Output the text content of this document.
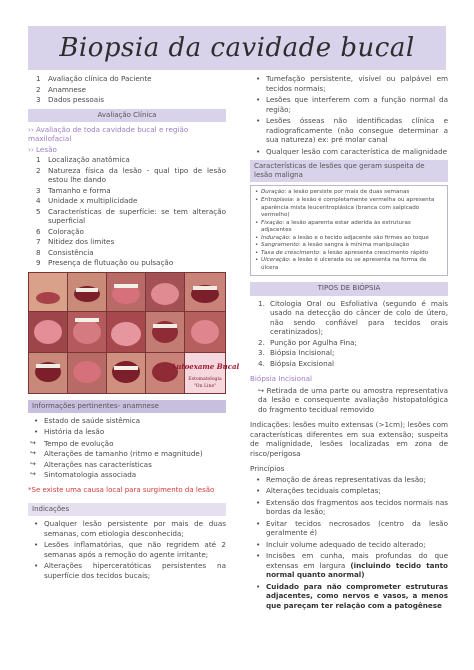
Biopsia da cavidade bucal
1	Avaliação clínica do Paciente
2	Anamnese
3	Dados pessoais
Avaliação Clínica
›› Avaliação de toda cavidade bucal e região maxilofacial
›› Lesão
1	Localização anatômica
2	Natureza física da lesão - qual tipo de lesão estou lhe dando
3	Tamanho e forma
4	Unidade x multiplicidade
5	Características de superfície: se tem alteração superficial
6	Coloração
7	Nitidez dos limites
8	Consistência
9	Presença de flutuação ou pulsação
Autoexame Bucal
Estomatologia
"On Line"
Informações pertinentes- anamnese
• Estado de saúde sistêmica
• História da lesão
↪ Tempo de evolução
↪ Alterações de tamanho (ritmo e magnitude)
↪ Alterações nas características
↪ Sintomatologia associada
*Se existe uma causa local para surgimento da lesão
Indicações
• Qualquer lesão persistente por mais de duas semanas, com etiologia desconhecida;
• Lesões inflamatórias, que não regridem até 2 semanas após a remoção do agente irritante;
• Alterações hiperceratóticas persistentes na superfície dos tecidos bucais;
• Tumefação persistente, visível ou palpável em tecidos normais;
• Lesões que interferem com a função normal da região;
• Lesões ósseas não identificadas clínica e radiograficamente (não consegue determinar a sua natureza) ex: pré molar canal
• Qualquer lesão com característica de malignidade
Características de lesões que geram suspeita de lesão maligna
• Duração: a lesão persiste por mais de duas semanas
• Eritroplasia: a lesão é completamente vermelha ou apresenta aparência mista leuceritroplásica (branca com salpicado vermelho)
• Fixação: a lesão aparenta estar aderida às estruturas adjacentes
• Induração: a lesão e o tecido adjacente são firmes ao toque
• Sangramento: a lesão sangra à mínima manipulação
• Taxa de crescimento: a lesão apresenta crescimento rápido
• Ulceração: a lesão é ulcerada ou se apresenta na forma de úlcera
TIPOS DE BIÓPSIA
1. Citologia Oral ou Esfoliativa (segundo é mais usado na detecção do câncer de colo de útero, não sendo confiável para tecidos orais ceratinizados);
2. Punção por Agulha Fina;
3. Biópsia Incisional;
4. Biópsia Excisional
Biópsia Incisional
↪ Retirada de uma parte ou amostra representativa da lesão e consequente avaliação histopatológica do fragmento tecidual removido
Indicações: lesões muito extensas (>1cm); lesões com características diferentes em sua extensão; suspeita de malignidade, lesões localizadas em zona de risco/perigosa
Princípios
• Remoção de áreas representativas da lesão;
• Alterações teciduais completas;
• Extensão dos fragmentos aos tecidos normais nas bordas da lesão;
• Evitar tecidos necrosados (centro da lesão geralmente é)
• Incluir volume adequado de tecido alterado;
• Incisões em cunha, mais profundas do que extensas em largura (incluindo tecido tanto normal quanto anormal)
• Cuidado para não comprometer estruturas adjacentes, como nervos e vasos, a menos que pareçam ter relação com a patogênese
